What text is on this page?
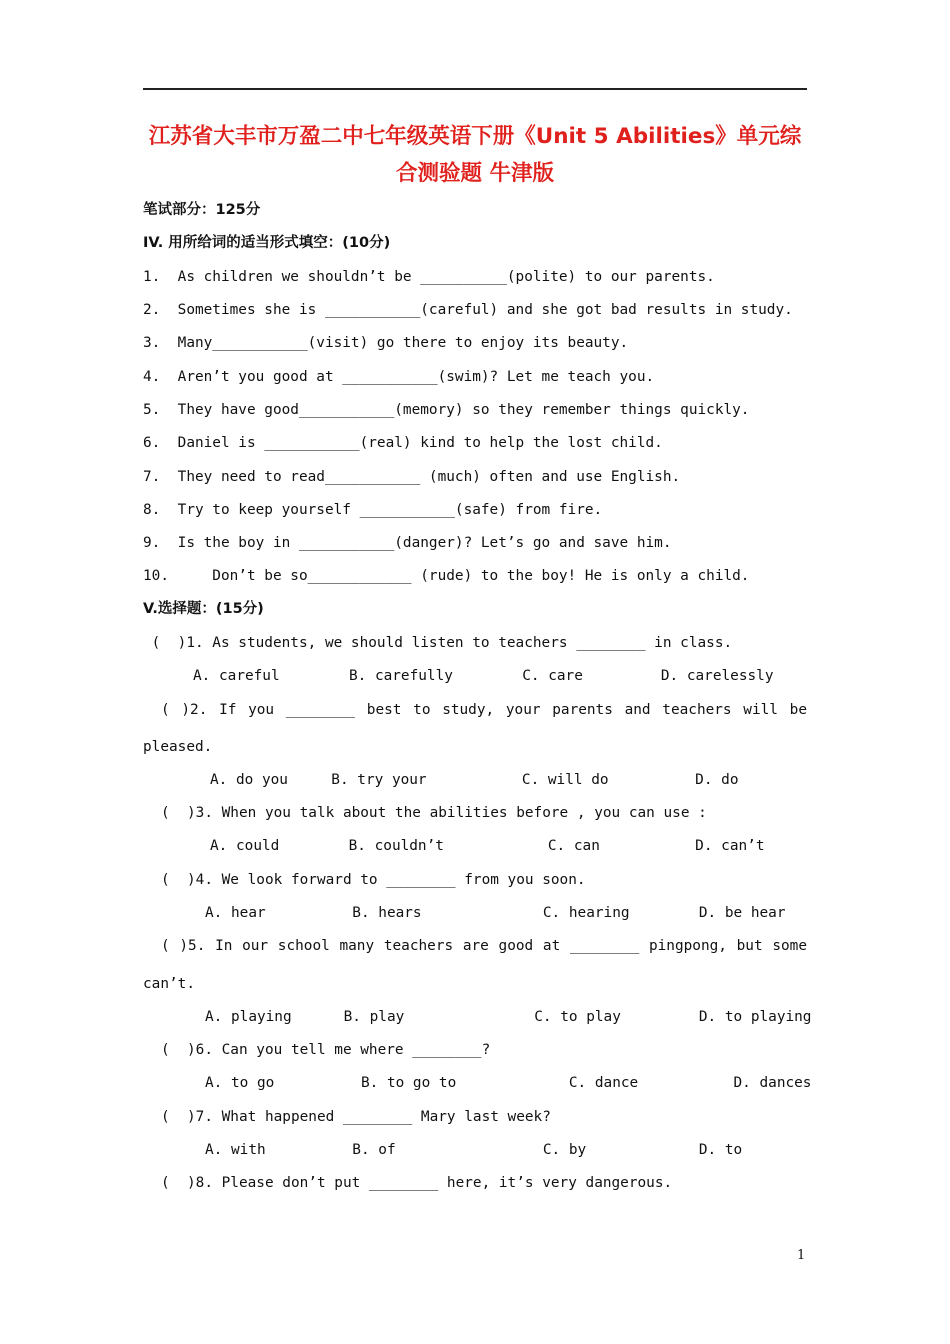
江苏省大丰市万盈二中七年级英语下册《Unit 5 Abilities》单元综
合测验题 牛津版
笔试部分：125分
IV. 用所给词的适当形式填空：(10分)
1.  As children we shouldn’t be __________(polite) to our parents.
2.  Sometimes she is ___________(careful) and she got bad results in study.
3.  Many___________(visit) go there to enjoy its beauty.
4.  Aren’t you good at ___________(swim)? Let me teach you.
5.  They have good___________(memory) so they remember things quickly.
6.  Daniel is ___________(real) kind to help the lost child.
7.  They need to read___________ (much) often and use English.
8.  Try to keep yourself ___________(safe) from fire.
9.  Is the boy in ___________(danger)? Let’s go and save him.
10.     Don’t be so____________ (rude) to the boy! He is only a child.
V.选择题：(15分)
(  )1. As students, we should listen to teachers ________ in class.
A. careful        B. carefully        C. care         D. carelessly
( )2. If you ________ best to study, your parents and teachers will be
pleased.
A. do you     B. try your           C. will do          D. do
(  )3. When you talk about the abilities before , you can use :
A. could        B. couldn’t            C. can           D. can’t
(  )4. We look forward to ________ from you soon.
A. hear          B. hears              C. hearing        D. be hear
( )5. In our school many teachers are good at ________ pingpong, but some
can’t.
A. playing      B. play               C. to play         D. to playing
(  )6. Can you tell me where ________?
A. to go          B. to go to             C. dance           D. dances
(  )7. What happened ________ Mary last week?
A. with          B. of                 C. by             D. to
(  )8. Please don’t put ________ here, it’s very dangerous.
1
